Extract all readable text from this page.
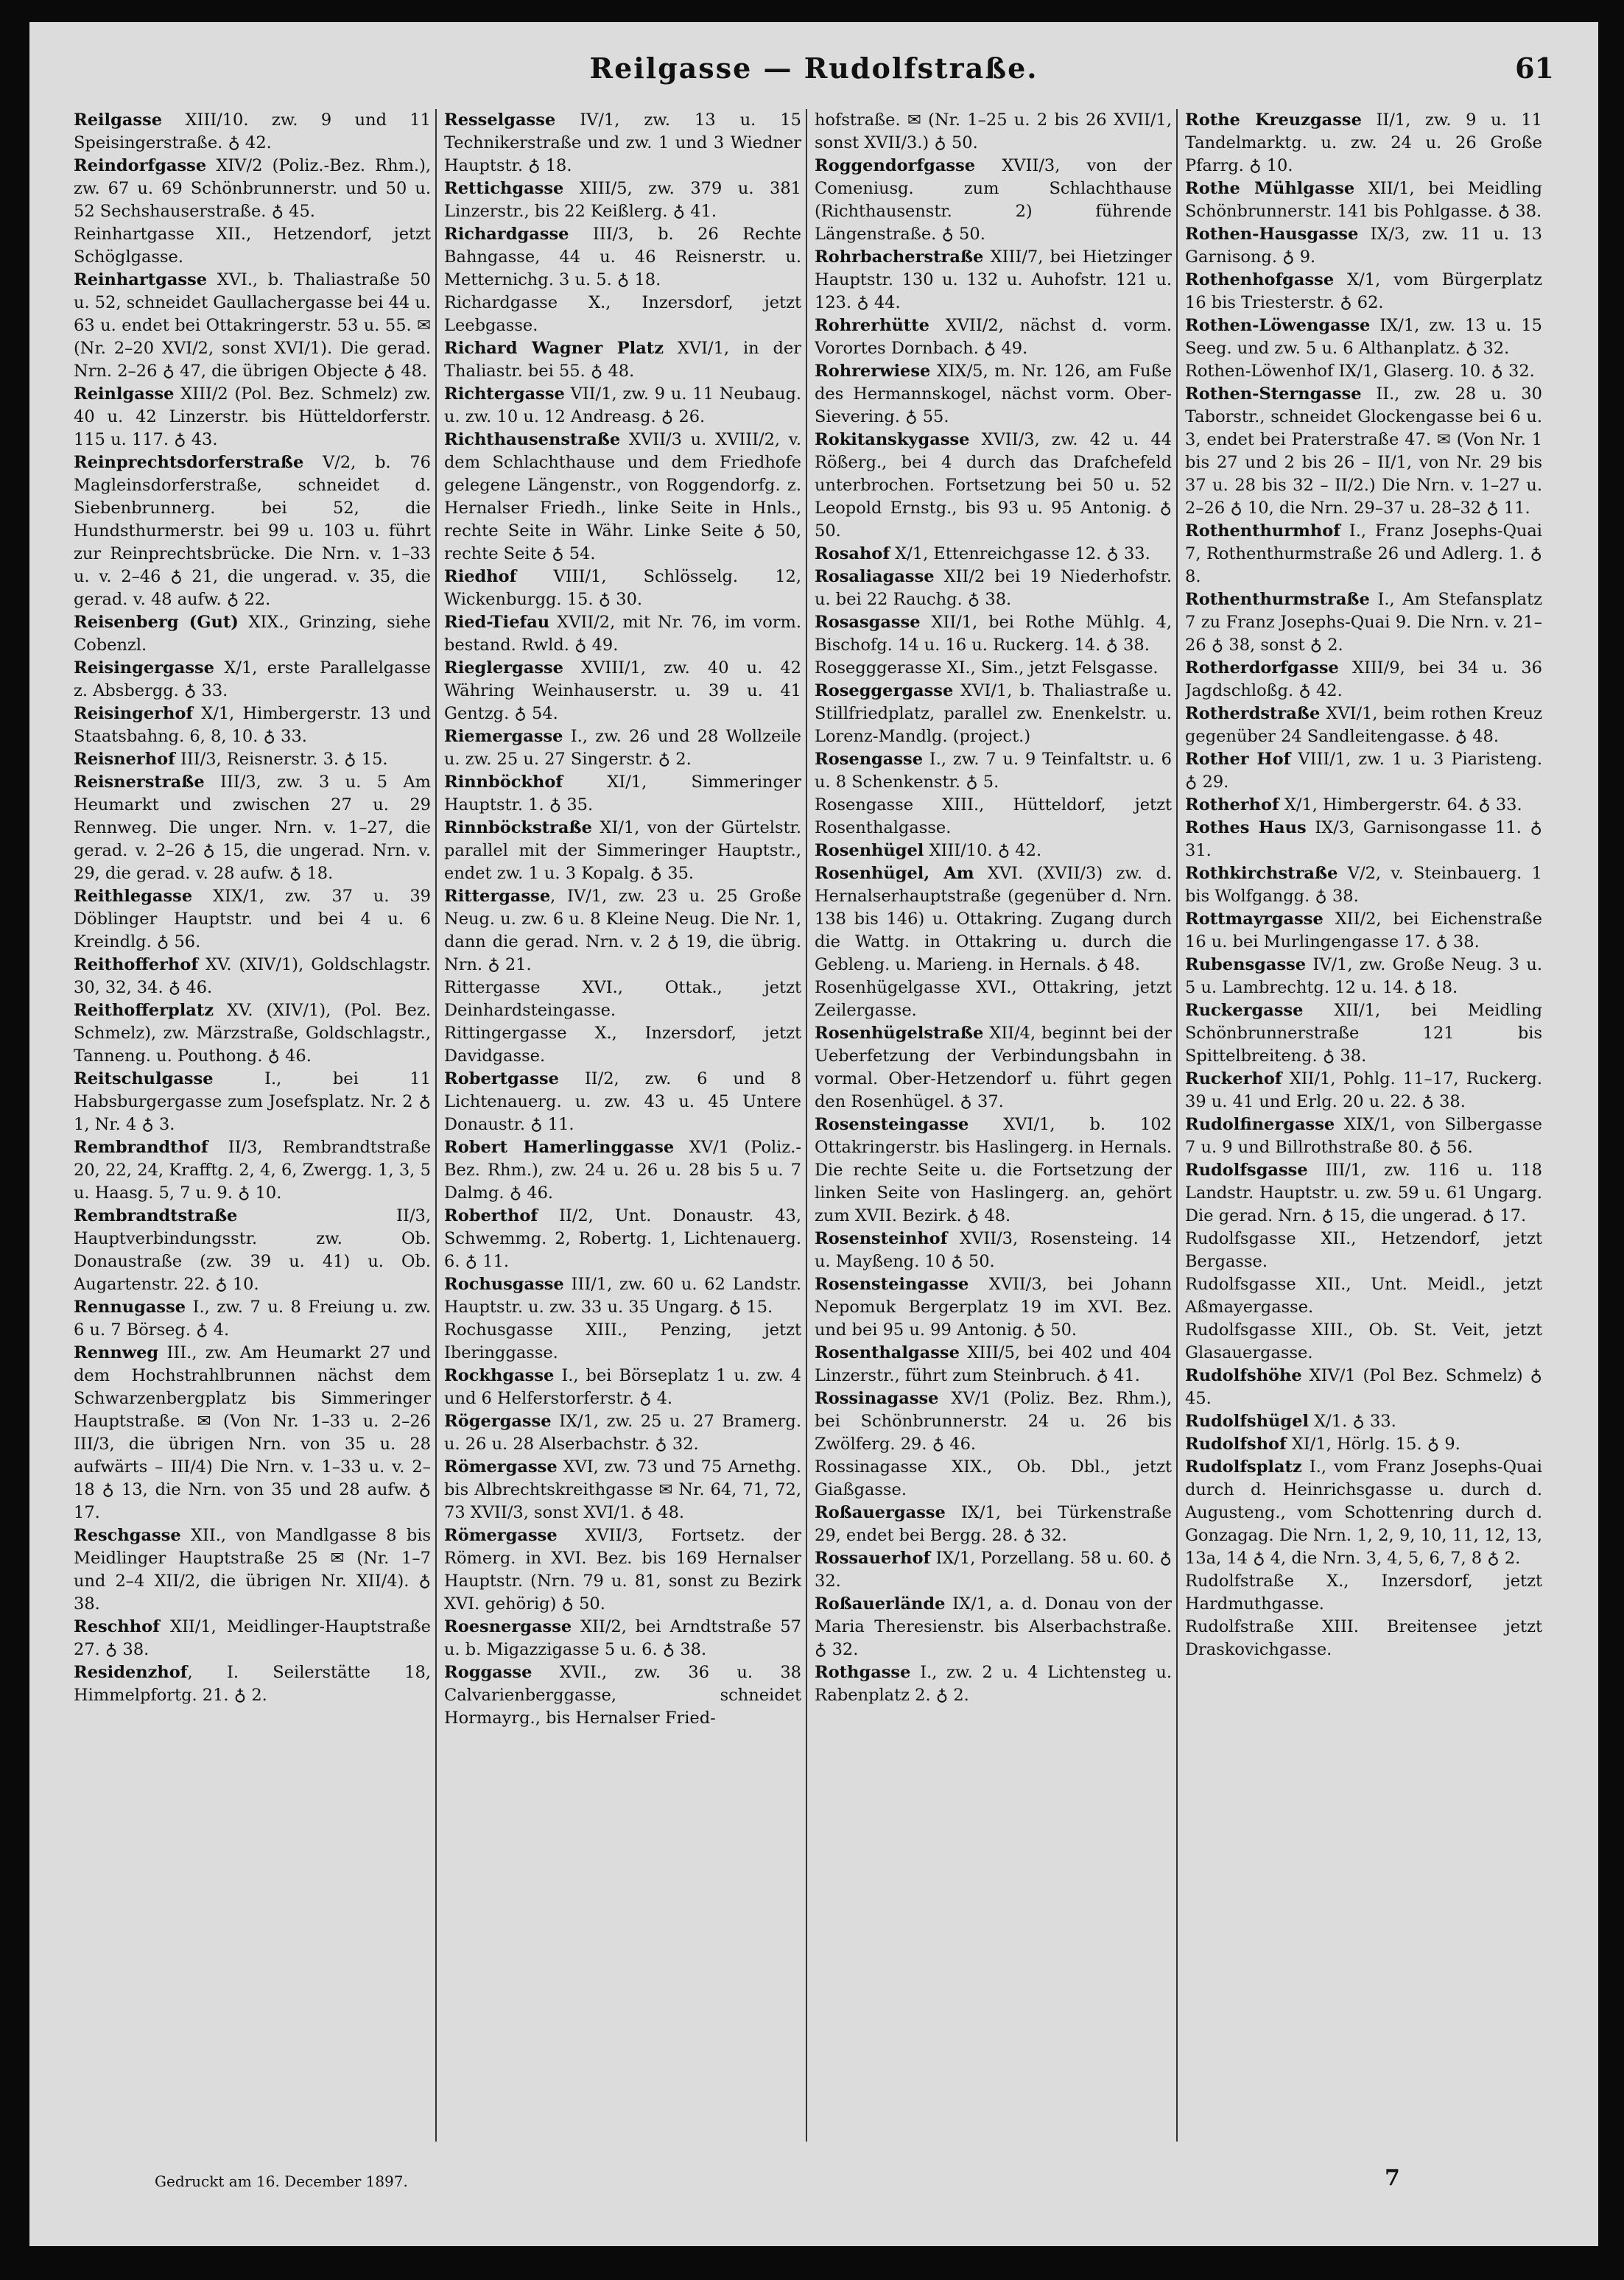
Reilgasse — Rudolfstraße.	61

Reilgasse XIII/10. zw. 9 und 11 Speisingerstraße. ♁ 42.

Reindorfgasse XIV/2 (Poliz.-Bez. Rhm.), zw. 67 u. 69 Schönbrunnerstr. und 50 u. 52 Sechshauserstraße. ♁ 45.

Reinhartgasse XII., Hetzendorf, jetzt Schöglgasse.

Reinhartgasse XVI., b. Thaliastraße 50 u. 52, schneidet Gaullachergasse bei 44 u. 63 u. endet bei Ottakringerstr. 53 u. 55. ✉ (Nr. 2–20 XVI/2, sonst XVI/1). Die gerad. Nrn. 2–26 ♁ 47, die übrigen Objecte ♁ 48.

Reinlgasse XIII/2 (Pol. Bez. Schmelz) zw. 40 u. 42 Linzerstr. bis Hütteldorferstr. 115 u. 117. ♁ 43.

Reinprechtsdorferstraße V/2, b. 76 Magleinsdorferstraße, schneidet d. Siebenbrunnerg. bei 52, die Hundsthurmerstr. bei 99 u. 103 u. führt zur Reinprechtsbrücke. Die Nrn. v. 1–33 u. v. 2–46 ♁ 21, die ungerad. v. 35, die gerad. v. 48 aufw. ♁ 22.

Reisenberg (Gut) XIX., Grinzing, siehe Cobenzl.

Reisingergasse X/1, erste Parallelgasse z. Absbergg. ♁ 33.

Reisingerhof X/1, Himbergerstr. 13 und Staatsbahng. 6, 8, 10. ♁ 33.

Reisnerhof III/3, Reisnerstr. 3. ♁ 15.

Reisnerstraße III/3, zw. 3 u. 5 Am Heumarkt und zwischen 27 u. 29 Rennweg. Die unger. Nrn. v. 1–27, die gerad. v. 2–26 ♁ 15, die ungerad. Nrn. v. 29, die gerad. v. 28 aufw. ♁ 18.

Reithlegasse XIX/1, zw. 37 u. 39 Döblinger Hauptstr. und bei 4 u. 6 Kreindlg. ♁ 56.

Reithofferhof XV. (XIV/1), Goldschlagstr. 30, 32, 34. ♁ 46.

Reithofferplatz XV. (XIV/1), (Pol. Bez. Schmelz), zw. Märzstraße, Goldschlagstr., Tanneng. u. Pouthong. ♁ 46.

Reitschulgasse I., bei 11 Habsburgergasse zum Josefsplatz. Nr. 2 ♁ 1, Nr. 4 ♁ 3.

Rembrandthof II/3, Rembrandtstraße 20, 22, 24, Krafftg. 2, 4, 6, Zwergg. 1, 3, 5 u. Haasg. 5, 7 u. 9. ♁ 10.

Rembrandtstraße II/3, Hauptverbindungsstr. zw. Ob. Donaustraße (zw. 39 u. 41) u. Ob. Augartenstr. 22. ♁ 10.

Rennugasse I., zw. 7 u. 8 Freiung u. zw. 6 u. 7 Börseg. ♁ 4.

Rennweg III., zw. Am Heumarkt 27 und dem Hochstrahlbrunnen nächst dem Schwarzenbergplatz bis Simmeringer Hauptstraße. ✉ (Von Nr. 1–33 u. 2–26 III/3, die übrigen Nrn. von 35 u. 28 aufwärts – III/4) Die Nrn. v. 1–33 u. v. 2–18 ♁ 13, die Nrn. von 35 und 28 aufw. ♁ 17.

Reschgasse XII., von Mandlgasse 8 bis Meidlinger Hauptstraße 25 ✉ (Nr. 1–7 und 2–4 XII/2, die übrigen Nr. XII/4). ♁ 38.

Reschhof XII/1, Meidlinger-Hauptstraße 27. ♁ 38.

Residenzhof, I. Seilerstätte 18, Himmelpfortg. 21. ♁ 2.

Resselgasse IV/1, zw. 13 u. 15 Technikerstraße und zw. 1 und 3 Wiedner Hauptstr. ♁ 18.

Rettichgasse XIII/5, zw. 379 u. 381 Linzerstr., bis 22 Keißlerg. ♁ 41.

Richardgasse III/3, b. 26 Rechte Bahngasse, 44 u. 46 Reisnerstr. u. Metternichg. 3 u. 5. ♁ 18.

Richardgasse X., Inzersdorf, jetzt Leebgasse.

Richard Wagner Platz XVI/1, in der Thaliastr. bei 55. ♁ 48.

Richtergasse VII/1, zw. 9 u. 11 Neubaug. u. zw. 10 u. 12 Andreasg. ♁ 26.

Richthausenstraße XVII/3 u. XVIII/2, v. dem Schlachthause und dem Friedhofe gelegene Längenstr., von Roggendorfg. z. Hernalser Friedh., linke Seite in Hnls., rechte Seite in Währ. Linke Seite ♁ 50, rechte Seite ♁ 54.

Riedhof VIII/1, Schlösselg. 12, Wickenburgg. 15. ♁ 30.

Ried-Tiefau XVII/2, mit Nr. 76, im vorm. bestand. Rwld. ♁ 49.

Rieglergasse XVIII/1, zw. 40 u. 42 Währing Weinhauserstr. u. 39 u. 41 Gentzg. ♁ 54.

Riemergasse I., zw. 26 und 28 Wollzeile u. zw. 25 u. 27 Singerstr. ♁ 2.

Rinnböckhof XI/1, Simmeringer Hauptstr. 1. ♁ 35.

Rinnböckstraße XI/1, von der Gürtelstr. parallel mit der Simmeringer Hauptstr., endet zw. 1 u. 3 Kopalg. ♁ 35.

Rittergasse, IV/1, zw. 23 u. 25 Große Neug. u. zw. 6 u. 8 Kleine Neug. Die Nr. 1, dann die gerad. Nrn. v. 2 ♁ 19, die übrig. Nrn. ♁ 21.

Rittergasse XVI., Ottak., jetzt Deinhardsteingasse.

Rittingergasse X., Inzersdorf, jetzt Davidgasse.

Robertgasse II/2, zw. 6 und 8 Lichtenauerg. u. zw. 43 u. 45 Untere Donaustr. ♁ 11.

Robert Hamerlinggasse XV/1 (Poliz.-Bez. Rhm.), zw. 24 u. 26 u. 28 bis 5 u. 7 Dalmg. ♁ 46.

Roberthof II/2, Unt. Donaustr. 43, Schwemmg. 2, Robertg. 1, Lichtenauerg. 6. ♁ 11.

Rochusgasse III/1, zw. 60 u. 62 Landstr. Hauptstr. u. zw. 33 u. 35 Ungarg. ♁ 15.

Rochusgasse XIII., Penzing, jetzt Iberinggasse.

Rockhgasse I., bei Börseplatz 1 u. zw. 4 und 6 Helferstorferstr. ♁ 4.

Rögergasse IX/1, zw. 25 u. 27 Bramerg. u. 26 u. 28 Alserbachstr. ♁ 32.

Römergasse XVI, zw. 73 und 75 Arnethg. bis Albrechtskreithgasse ✉ Nr. 64, 71, 72, 73 XVII/3, sonst XVI/1. ♁ 48.

Römergasse XVII/3, Fortsetz. der Römerg. in XVI. Bez. bis 169 Hernalser Hauptstr. (Nrn. 79 u. 81, sonst zu Bezirk XVI. gehörig) ♁ 50.

Roesnergasse XII/2, bei Arndtstraße 57 u. b. Migazzigasse 5 u. 6. ♁ 38.

Roggasse XVII., zw. 36 u. 38 Calvarienberggasse, schneidet Hormayrg., bis Hernalser Fried-

hofstraße. ✉ (Nr. 1–25 u. 2 bis 26 XVII/1, sonst XVII/3.) ♁ 50.

Roggendorfgasse XVII/3, von der Comeniusg. zum Schlachthause (Richthausenstr. 2) führende Längenstraße. ♁ 50.

Rohrbacherstraße XIII/7, bei Hietzinger Hauptstr. 130 u. 132 u. Auhofstr. 121 u. 123. ♁ 44.

Rohrerhütte XVII/2, nächst d. vorm. Vorortes Dornbach. ♁ 49.

Rohrerwiese XIX/5, m. Nr. 126, am Fuße des Hermannskogel, nächst vorm. Ober-Sievering. ♁ 55.

Rokitanskygasse XVII/3, zw. 42 u. 44 Rößerg., bei 4 durch das Drafchefeld unterbrochen. Fortsetzung bei 50 u. 52 Leopold Ernstg., bis 93 u. 95 Antonig. ♁ 50.

Rosahof X/1, Ettenreichgasse 12. ♁ 33.

Rosaliagasse XII/2 bei 19 Niederhofstr. u. bei 22 Rauchg. ♁ 38.

Rosasgasse XII/1, bei Rothe Mühlg. 4, Bischofg. 14 u. 16 u. Ruckerg. 14. ♁ 38.

Rosegggerasse XI., Sim., jetzt Felsgasse.

Roseggergasse XVI/1, b. Thaliastraße u. Stillfriedplatz, parallel zw. Enenkelstr. u. Lorenz-Mandlg. (project.)

Rosengasse I., zw. 7 u. 9 Teinfaltstr. u. 6 u. 8 Schenkenstr. ♁ 5.

Rosengasse XIII., Hütteldorf, jetzt Rosenthalgasse.

Rosenhügel XIII/10. ♁ 42.

Rosenhügel, Am XVI. (XVII/3) zw. d. Hernalserhauptstraße (gegenüber d. Nrn. 138 bis 146) u. Ottakring. Zugang durch die Wattg. in Ottakring u. durch die Gebleng. u. Marieng. in Hernals. ♁ 48.

Rosenhügelgasse XVI., Ottakring, jetzt Zeilergasse.

Rosenhügelstraße XII/4, beginnt bei der Ueberfetzung der Verbindungsbahn in vormal. Ober-Hetzendorf u. führt gegen den Rosenhügel. ♁ 37.

Rosensteingasse XVI/1, b. 102 Ottakringerstr. bis Haslingerg. in Hernals. Die rechte Seite u. die Fortsetzung der linken Seite von Haslingerg. an, gehört zum XVII. Bezirk. ♁ 48.

Rosensteinhof XVII/3, Rosensteing. 14 u. Mayßeng. 10 ♁ 50.

Rosensteingasse XVII/3, bei Johann Nepomuk Bergerplatz 19 im XVI. Bez. und bei 95 u. 99 Antonig. ♁ 50.

Rosenthalgasse XIII/5, bei 402 und 404 Linzerstr., führt zum Steinbruch. ♁ 41.

Rossinagasse XV/1 (Poliz. Bez. Rhm.), bei Schönbrunnerstr. 24 u. 26 bis Zwölferg. 29. ♁ 46.

Rossinagasse XIX., Ob. Dbl., jetzt Giaßgasse.

Roßauergasse IX/1, bei Türkenstraße 29, endet bei Bergg. 28. ♁ 32.

Rossauerhof IX/1, Porzellang. 58 u. 60. ♁ 32.

Roßauerlände IX/1, a. d. Donau von der Maria Theresienstr. bis Alserbachstraße. ♁ 32.

Rothgasse I., zw. 2 u. 4 Lichtensteg u. Rabenplatz 2. ♁ 2.

Rothe Kreuzgasse II/1, zw. 9 u. 11 Tandelmarktg. u. zw. 24 u. 26 Große Pfarrg. ♁ 10.

Rothe Mühlgasse XII/1, bei Meidling Schönbrunnerstr. 141 bis Pohlgasse. ♁ 38.

Rothen-Hausgasse IX/3, zw. 11 u. 13 Garnisong. ♁ 9.

Rothenhofgasse X/1, vom Bürgerplatz 16 bis Triesterstr. ♁ 62.

Rothen-Löwengasse IX/1, zw. 13 u. 15 Seeg. und zw. 5 u. 6 Althanplatz. ♁ 32.

Rothen-Löwenhof IX/1, Glaserg. 10. ♁ 32.

Rothen-Sterngasse II., zw. 28 u. 30 Taborstr., schneidet Glockengasse bei 6 u. 3, endet bei Praterstraße 47. ✉ (Von Nr. 1 bis 27 und 2 bis 26 – II/1, von Nr. 29 bis 37 u. 28 bis 32 – II/2.) Die Nrn. v. 1–27 u. 2–26 ♁ 10, die Nrn. 29–37 u. 28–32 ♁ 11.

Rothenthurmhof I., Franz Josephs-Quai 7, Rothenthurmstraße 26 und Adlerg. 1. ♁ 8.

Rothenthurmstraße I., Am Stefansplatz 7 zu Franz Josephs-Quai 9. Die Nrn. v. 21–26 ♁ 38, sonst ♁ 2.

Rotherdorfgasse XIII/9, bei 34 u. 36 Jagdschloßg. ♁ 42.

Rotherdstraße XVI/1, beim rothen Kreuz gegenüber 24 Sandleitengasse. ♁ 48.

Rother Hof VIII/1, zw. 1 u. 3 Piaristeng. ♁ 29.

Rotherhof X/1, Himbergerstr. 64. ♁ 33.

Rothes Haus IX/3, Garnisongasse 11. ♁ 31.

Rothkirchstraße V/2, v. Steinbauerg. 1 bis Wolfgangg. ♁ 38.

Rottmayrgasse XII/2, bei Eichenstraße 16 u. bei Murlingengasse 17. ♁ 38.

Rubensgasse IV/1, zw. Große Neug. 3 u. 5 u. Lambrechtg. 12 u. 14. ♁ 18.

Ruckergasse XII/1, bei Meidling Schönbrunnerstraße 121 bis Spittelbreiteng. ♁ 38.

Ruckerhof XII/1, Pohlg. 11–17, Ruckerg. 39 u. 41 und Erlg. 20 u. 22. ♁ 38.

Rudolfinergasse XIX/1, von Silbergasse 7 u. 9 und Billrothstraße 80. ♁ 56.

Rudolfsgasse III/1, zw. 116 u. 118 Landstr. Hauptstr. u. zw. 59 u. 61 Ungarg. Die gerad. Nrn. ♁ 15, die ungerad. ♁ 17.

Rudolfsgasse XII., Hetzendorf, jetzt Bergasse.

Rudolfsgasse XII., Unt. Meidl., jetzt Aßmayergasse.

Rudolfsgasse XIII., Ob. St. Veit, jetzt Glasauergasse.

Rudolfshöhe XIV/1 (Pol Bez. Schmelz) ♁ 45.

Rudolfshügel X/1. ♁ 33.

Rudolfshof XI/1, Hörlg. 15. ♁ 9.

Rudolfsplatz I., vom Franz Josephs-Quai durch d. Heinrichsgasse u. durch d. Augusteng., vom Schottenring durch d. Gonzagag. Die Nrn. 1, 2, 9, 10, 11, 12, 13, 13a, 14 ♁ 4, die Nrn. 3, 4, 5, 6, 7, 8 ♁ 2.

Rudolfstraße X., Inzersdorf, jetzt Hardmuthgasse.

Rudolfstraße XIII. Breitensee jetzt Draskovichgasse.

Gedruckt am 16. December 1897.	7
